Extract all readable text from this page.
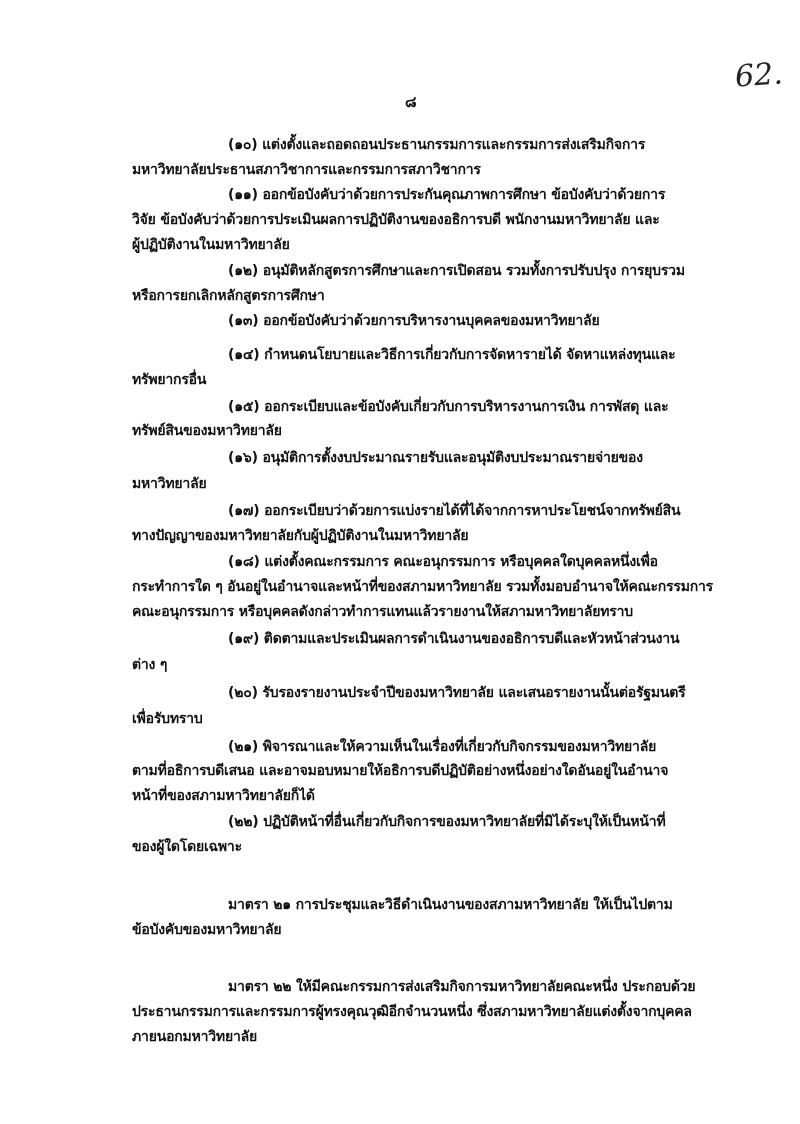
62.
๘
(๑๐) แต่งตั้งและถอดถอนประธานกรรมการและกรรมการส่งเสริมกิจการ
มหาวิทยาลัยประธานสภาวิชาการและกรรมการสภาวิชาการ
(๑๑) ออกข้อบังคับว่าด้วยการประกันคุณภาพการศึกษา ข้อบังคับว่าด้วยการ
วิจัย ข้อบังคับว่าด้วยการประเมินผลการปฏิบัติงานของอธิการบดี พนักงานมหาวิทยาลัย และ
ผู้ปฏิบัติงานในมหาวิทยาลัย
(๑๒) อนุมัติหลักสูตรการศึกษาและการเปิดสอน รวมทั้งการปรับปรุง การยุบรวม
หรือการยกเลิกหลักสูตรการศึกษา
(๑๓) ออกข้อบังคับว่าด้วยการบริหารงานบุคคลของมหาวิทยาลัย
(๑๔) กำหนดนโยบายและวิธีการเกี่ยวกับการจัดหารายได้ จัดหาแหล่งทุนและ
ทรัพยากรอื่น
(๑๕) ออกระเบียบและข้อบังคับเกี่ยวกับการบริหารงานการเงิน การพัสดุ และ
ทรัพย์สินของมหาวิทยาลัย
(๑๖) อนุมัติการตั้งงบประมาณรายรับและอนุมัติงบประมาณรายจ่ายของ
มหาวิทยาลัย
(๑๗) ออกระเบียบว่าด้วยการแบ่งรายได้ที่ได้จากการหาประโยชน์จากทรัพย์สิน
ทางปัญญาของมหาวิทยาลัยกับผู้ปฏิบัติงานในมหาวิทยาลัย
(๑๘) แต่งตั้งคณะกรรมการ คณะอนุกรรมการ หรือบุคคลใดบุคคลหนึ่งเพื่อ
กระทำการใด ๆ อันอยู่ในอำนาจและหน้าที่ของสภามหาวิทยาลัย รวมทั้งมอบอำนาจให้คณะกรรมการ
คณะอนุกรรมการ หรือบุคคลดังกล่าวทำการแทนแล้วรายงานให้สภามหาวิทยาลัยทราบ
(๑๙) ติดตามและประเมินผลการดำเนินงานของอธิการบดีและหัวหน้าส่วนงาน
ต่าง ๆ
(๒๐) รับรองรายงานประจำปีของมหาวิทยาลัย และเสนอรายงานนั้นต่อรัฐมนตรี
เพื่อรับทราบ
(๒๑) พิจารณาและให้ความเห็นในเรื่องที่เกี่ยวกับกิจกรรมของมหาวิทยาลัย
ตามที่อธิการบดีเสนอ และอาจมอบหมายให้อธิการบดีปฏิบัติอย่างหนึ่งอย่างใดอันอยู่ในอำนาจ
หน้าที่ของสภามหาวิทยาลัยก็ได้
(๒๒) ปฏิบัติหน้าที่อื่นเกี่ยวกับกิจการของมหาวิทยาลัยที่มิได้ระบุให้เป็นหน้าที่
ของผู้ใดโดยเฉพาะ
มาตรา ๒๑ การประชุมและวิธีดำเนินงานของสภามหาวิทยาลัย ให้เป็นไปตาม
ข้อบังคับของมหาวิทยาลัย
มาตรา ๒๒ ให้มีคณะกรรมการส่งเสริมกิจการมหาวิทยาลัยคณะหนึ่ง ประกอบด้วย
ประธานกรรมการและกรรมการผู้ทรงคุณวุฒิอีกจำนวนหนึ่ง ซึ่งสภามหาวิทยาลัยแต่งตั้งจากบุคคล
ภายนอกมหาวิทยาลัย
